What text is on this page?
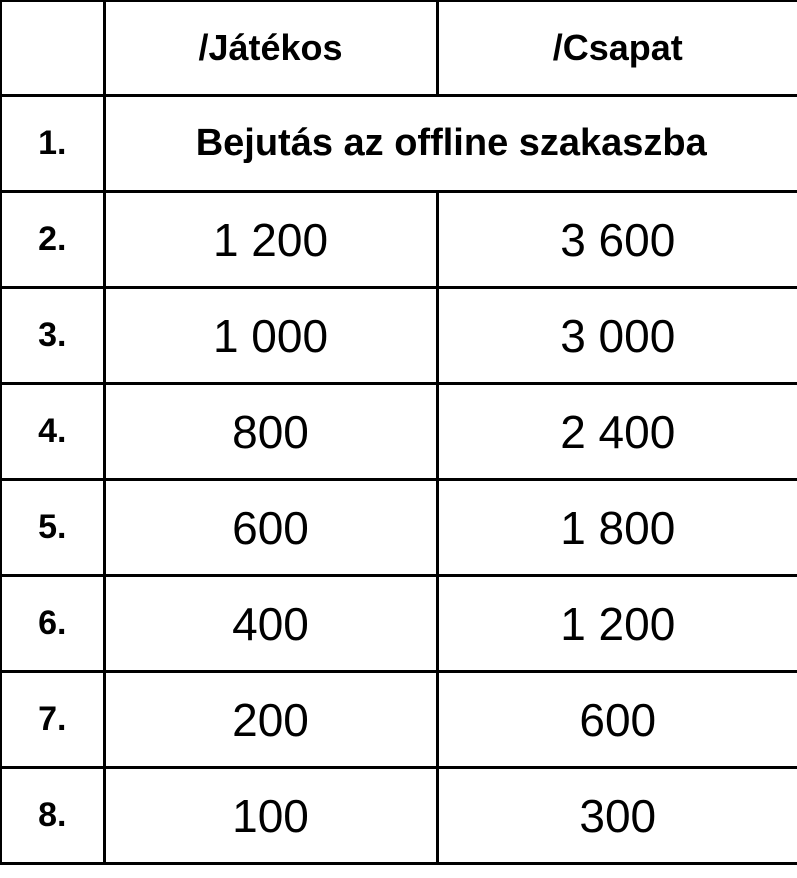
	/Játékos	/Csapat
1.	Bejutás az offline szakaszba	
2.	1 200	3 600
3.	1 000	3 000
4.	800	2 400
5.	600	1 800
6.	400	1 200
7.	200	600
8.	100	300
